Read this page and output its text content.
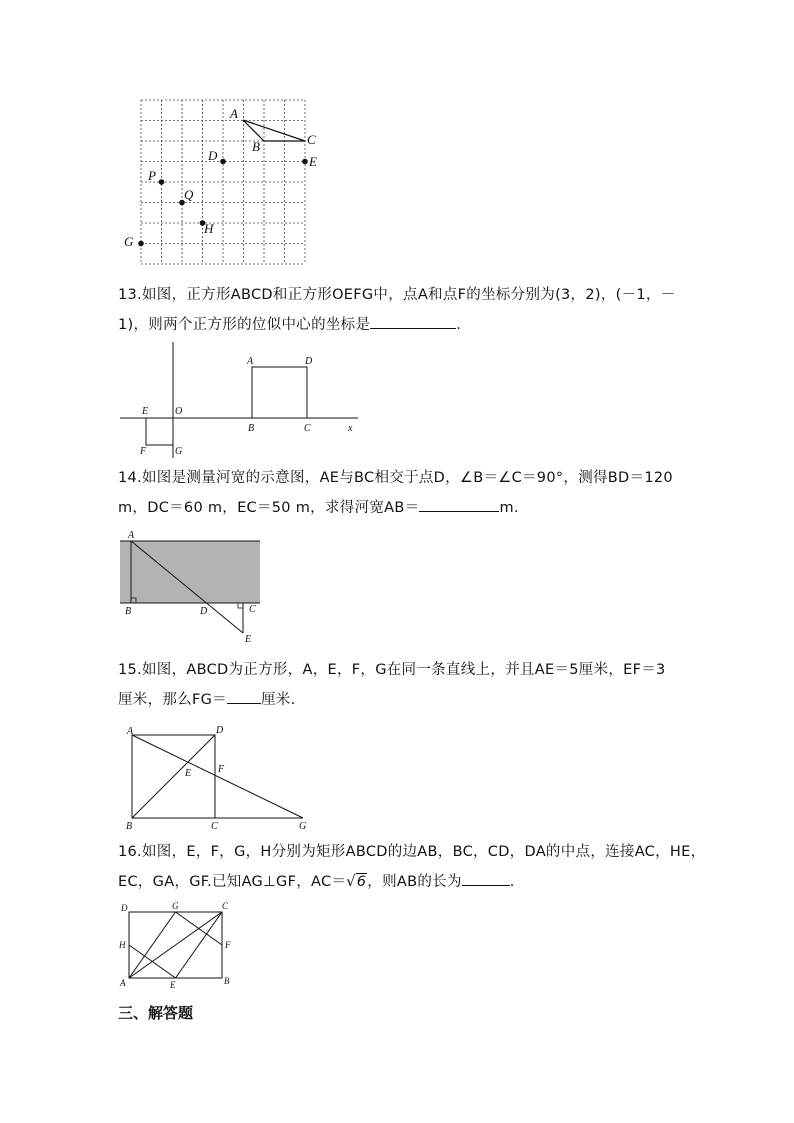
A
B	C
D	E
P
Q
H
G
13.如图，正方形ABCD和正方形OEFG中，点A和点F的坐标分别为(3，2)，(－1，－
1)，则两个正方形的位似中心的坐标是	.
A	D
E	O
B	C	x
F	G
14.如图是测量河宽的示意图，AE与BC相交于点D，∠B＝∠C＝90°，测得BD＝120
m，DC＝60 m，EC＝50 m，求得河宽AB＝	m.
A
B	D	C
E
15.如图，ABCD为正方形，A，E，F，G在同一条直线上，并且AE＝5厘米，EF＝3
厘米，那么FG＝ 厘米.
A	D
E	F
B	C	G
16.如图，E，F，G，H分别为矩形ABCD的边AB，BC，CD，DA的中点，连接AC，HE，
EC，GA，GF.已知AG⊥GF，AC＝√6，则AB的长为	.
D	G	C
H	F
A	E	B
三、解答题
